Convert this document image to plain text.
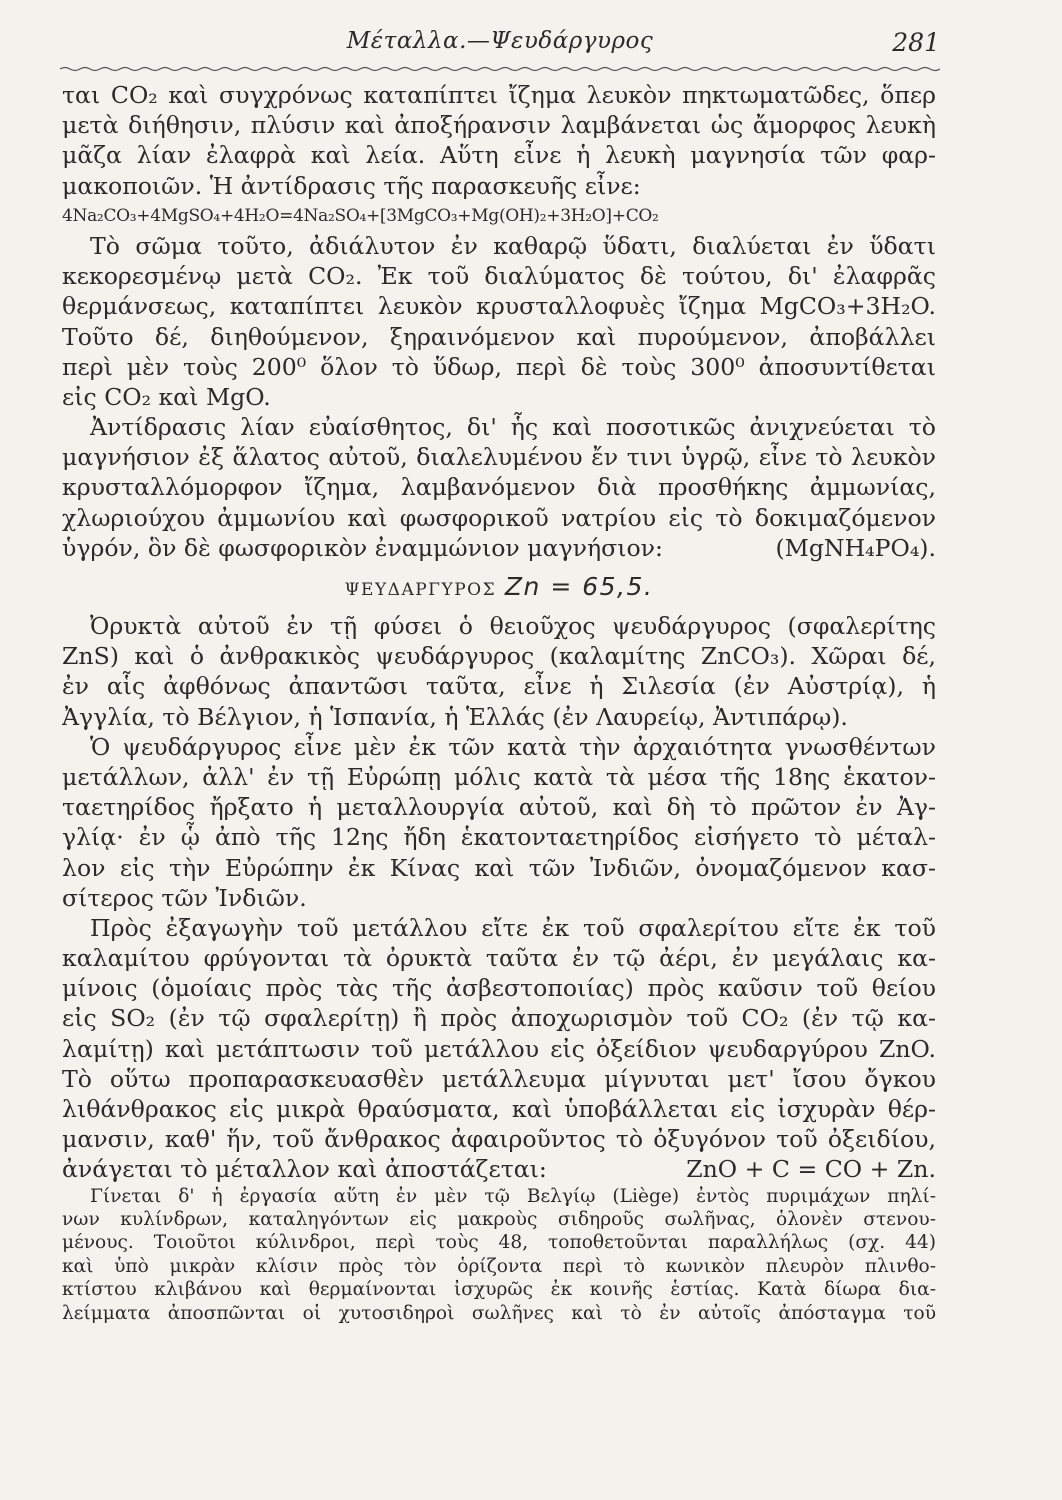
Μέταλλα.—Ψευδάργυρος	281
ται CO₂ καὶ συγχρόνως καταπίπτει ἴζημα λευκὸν πηκτωματῶδες, ὅπερ
μετὰ διήθησιν, πλύσιν καὶ ἀποξήρανσιν λαμβάνεται ὡς ἄμορφος λευκὴ
μᾶζα λίαν ἐλαφρὰ καὶ λεία. Αὕτη εἶνε ἡ λευκὴ μαγνησία τῶν φαρ-
μακοποιῶν. Ἡ ἀντίδρασις τῆς παρασκευῆς εἶνε:
4Na₂CO₃+4MgSO₄+4H₂O=4Na₂SO₄+[3MgCO₃+Mg(OH)₂+3H₂O]+CO₂
Τὸ σῶμα τοῦτο, ἀδιάλυτον ἐν καθαρῷ ὕδατι, διαλύεται ἐν ὕδατι
κεκορεσμένῳ μετὰ CO₂. Ἐκ τοῦ διαλύματος δὲ τούτου, δι' ἐλαφρᾶς
θερμάνσεως, καταπίπτει λευκὸν κρυσταλλοφυὲς ἴζημα MgCO₃+3H₂O.
Τοῦτο δέ, διηθούμενον, ξηραινόμενον καὶ πυρούμενον, ἀποβάλλει
περὶ μὲν τοὺς 200⁰ ὅλον τὸ ὕδωρ, περὶ δὲ τοὺς 300⁰ ἀποσυντίθεται
εἰς CO₂ καὶ MgO.
Ἀντίδρασις λίαν εὐαίσθητος, δι' ἧς καὶ ποσοτικῶς ἀνιχνεύεται τὸ
μαγνήσιον ἐξ ἅλατος αὐτοῦ, διαλελυμένου ἔν τινι ὑγρῷ, εἶνε τὸ λευκὸν
κρυσταλλόμορφον ἴζημα, λαμβανόμενον διὰ προσθήκης ἀμμωνίας,
χλωριούχου ἀμμωνίου καὶ φωσφορικοῦ νατρίου εἰς τὸ δοκιμαζόμενον
ὑγρόν, ὃν δὲ φωσφορικὸν ἐναμμώνιον μαγνήσιον:	(MgNH₄PO₄).
ΨΕΥΔΑΡΓΥΡΟΣ Zn = 65,5.
Ὀρυκτὰ αὐτοῦ ἐν τῇ φύσει ὁ θειοῦχος ψευδάργυρος (σφαλερίτης
ZnS) καὶ ὁ ἀνθρακικὸς ψευδάργυρος (καλαμίτης ZnCO₃). Χῶραι δέ,
ἐν αἷς ἀφθόνως ἀπαντῶσι ταῦτα, εἶνε ἡ Σιλεσία (ἐν Αὐστρίᾳ), ἡ
Ἀγγλία, τὸ Βέλγιον, ἡ Ἱσπανία, ἡ Ἑλλάς (ἐν Λαυρείῳ, Ἀντιπάρῳ).
Ὁ ψευδάργυρος εἶνε μὲν ἐκ τῶν κατὰ τὴν ἀρχαιότητα γνωσθέντων
μετάλλων, ἀλλ' ἐν τῇ Εὐρώπῃ μόλις κατὰ τὰ μέσα τῆς 18ης ἑκατον-
ταετηρίδος ἤρξατο ἡ μεταλλουργία αὐτοῦ, καὶ δὴ τὸ πρῶτον ἐν Ἀγ-
γλίᾳ· ἐν ᾧ ἀπὸ τῆς 12ης ἤδη ἑκατονταετηρίδος εἰσήγετο τὸ μέταλ-
λον εἰς τὴν Εὐρώπην ἐκ Κίνας καὶ τῶν Ἰνδιῶν, ὀνομαζόμενον κασ-
σίτερος τῶν Ἰνδιῶν.
Πρὸς ἐξαγωγὴν τοῦ μετάλλου εἴτε ἐκ τοῦ σφαλερίτου εἴτε ἐκ τοῦ
καλαμίτου φρύγονται τὰ ὀρυκτὰ ταῦτα ἐν τῷ ἀέρι, ἐν μεγάλαις κα-
μίνοις (ὁμοίαις πρὸς τὰς τῆς ἀσβεστοποιίας) πρὸς καῦσιν τοῦ θείου
εἰς SO₂ (ἐν τῷ σφαλερίτῃ) ἢ πρὸς ἀποχωρισμὸν τοῦ CO₂ (ἐν τῷ κα-
λαμίτῃ) καὶ μετάπτωσιν τοῦ μετάλλου εἰς ὀξείδιον ψευδαργύρου ZnO.
Τὸ οὕτω προπαρασκευασθὲν μετάλλευμα μίγνυται μετ' ἴσου ὄγκου
λιθάνθρακος εἰς μικρὰ θραύσματα, καὶ ὑποβάλλεται εἰς ἰσχυρὰν θέρ-
μανσιν, καθ' ἥν, τοῦ ἄνθρακος ἀφαιροῦντος τὸ ὀξυγόνον τοῦ ὀξειδίου,
ἀνάγεται τὸ μέταλλον καὶ ἀποστάζεται:	ZnO + C = CO + Zn.
Γίνεται δ' ἡ ἐργασία αὕτη ἐν μὲν τῷ Βελγίῳ (Liège) ἐντὸς πυριμάχων πηλί-
νων κυλίνδρων, καταληγόντων εἰς μακροὺς σιδηροῦς σωλῆνας, ὁλονὲν στενου-
μένους. Τοιοῦτοι κύλινδροι, περὶ τοὺς 48, τοποθετοῦνται παραλλήλως (σχ. 44)
καὶ ὑπὸ μικρὰν κλίσιν πρὸς τὸν ὁρίζοντα περὶ τὸ κωνικὸν πλευρὸν πλινθο-
κτίστου κλιβάνου καὶ θερμαίνονται ἰσχυρῶς ἐκ κοινῆς ἑστίας. Κατὰ δίωρα δια-
λείμματα ἀποσπῶνται οἱ χυτοσιδηροὶ σωλῆνες καὶ τὸ ἐν αὐτοῖς ἀπόσταγμα τοῦ
